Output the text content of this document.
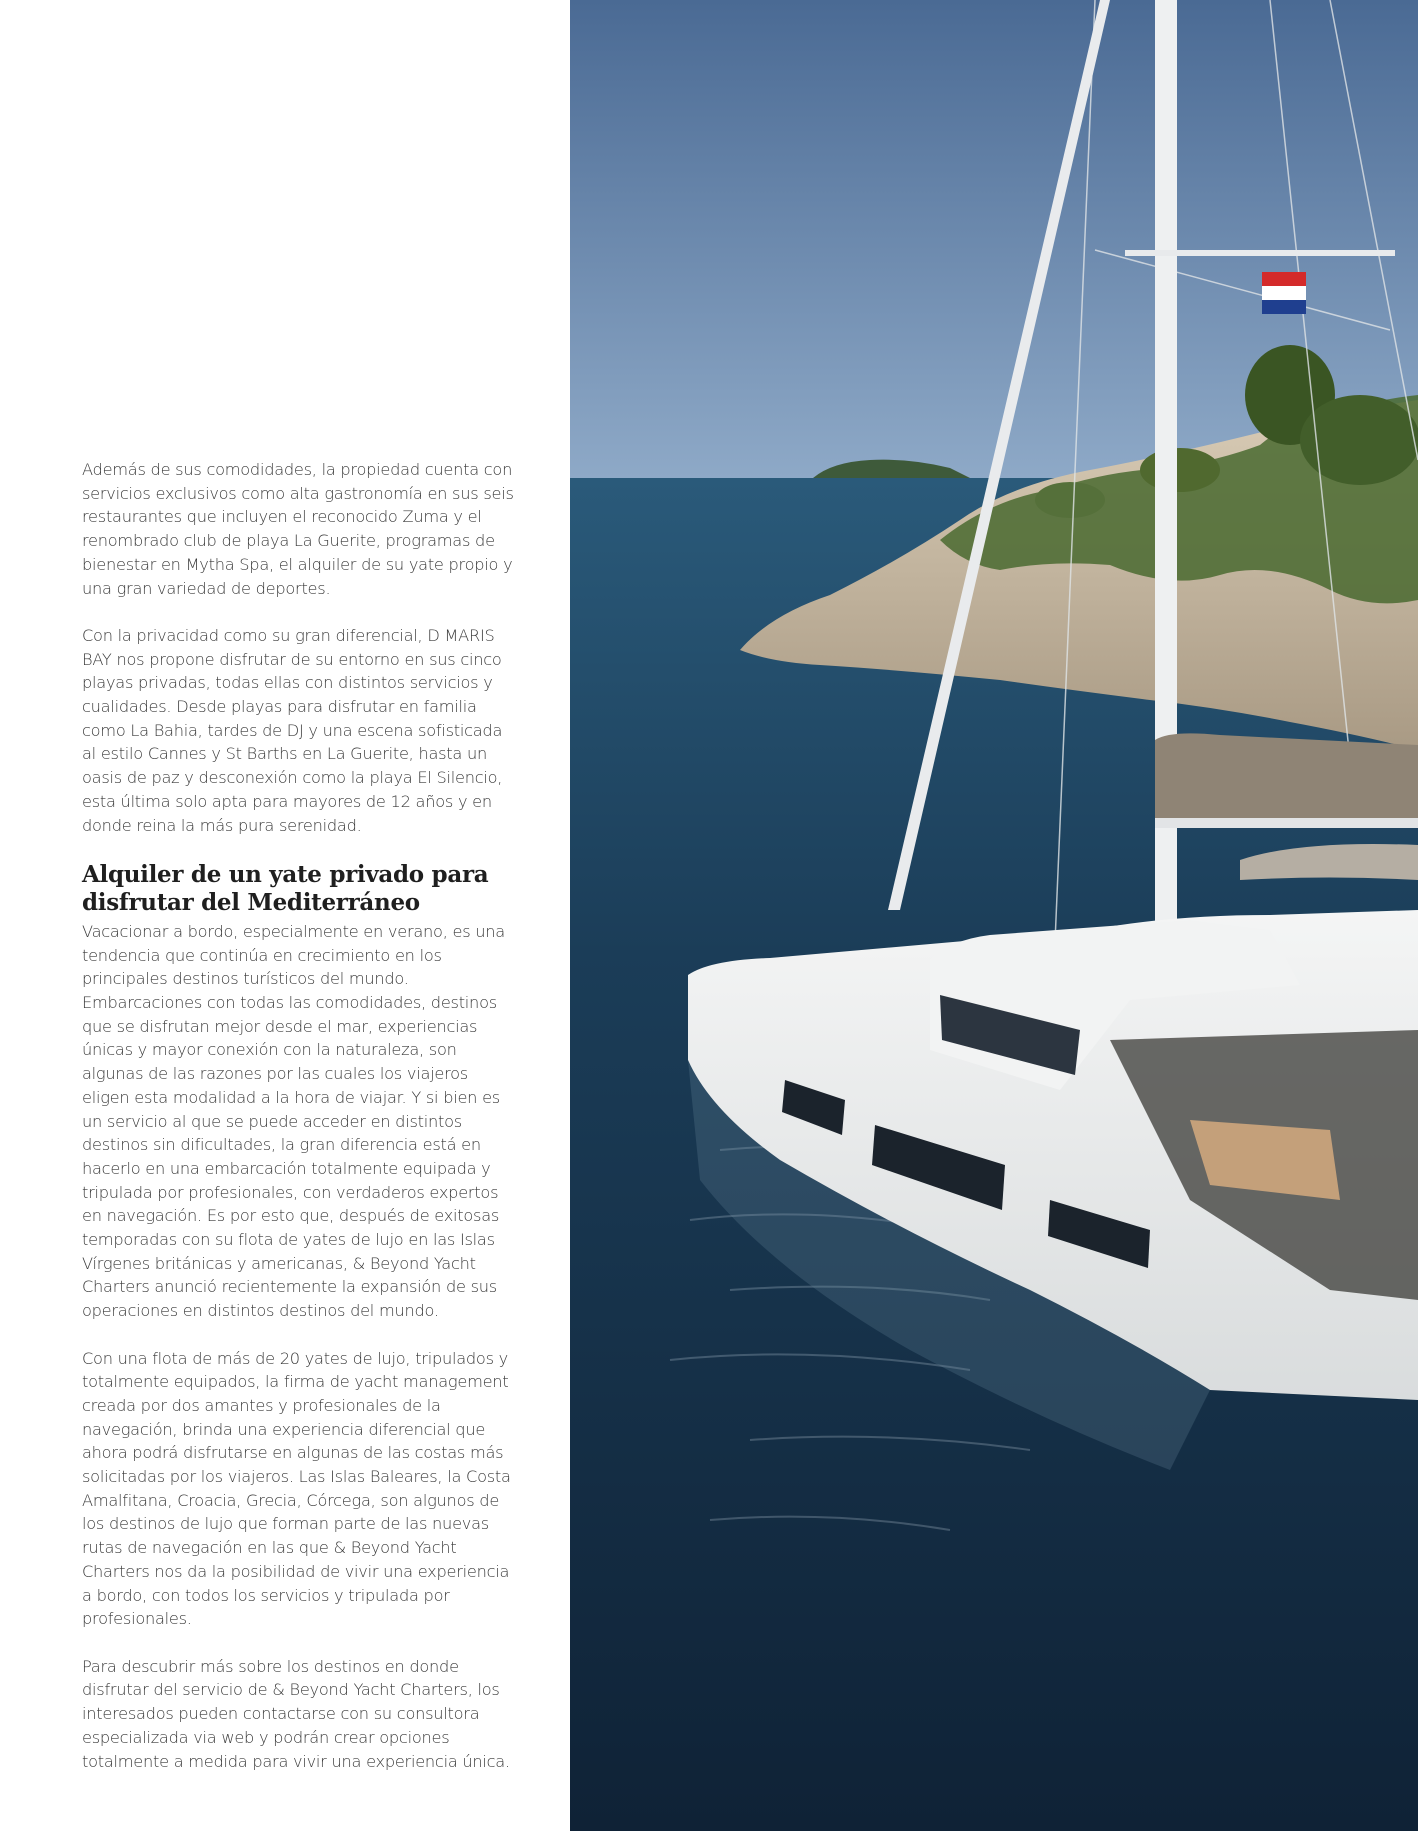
Además de sus comodidades, la propiedad cuenta con servicios exclusivos como alta gastronomía en sus seis restaurantes que incluyen el reconocido Zuma y el renombrado club de playa La Guerite, programas de bienestar en Mytha Spa, el alquiler de su yate propio y una gran variedad de deportes.

Con la privacidad como su gran diferencial, D MARIS BAY nos propone disfrutar de su entorno en sus cinco playas privadas, todas ellas con distintos servicios y cualidades. Desde playas para disfrutar en familia como La Bahia, tardes de DJ y una escena sofisticada al estilo Cannes y St Barths en La Guerite, hasta un oasis de paz y desconexión como la playa El Silencio, esta última solo apta para mayores de 12 años y en donde reina la más pura serenidad.

Alquiler de un yate privado para disfrutar del Mediterráneo

Vacacionar a bordo, especialmente en verano, es una tendencia que continúa en crecimiento en los principales destinos turísticos del mundo. Embarcaciones con todas las comodidades, destinos que se disfrutan mejor desde el mar, experiencias únicas y mayor conexión con la naturaleza, son algunas de las razones por las cuales los viajeros eligen esta modalidad a la hora de viajar. Y si bien es un servicio al que se puede acceder en distintos destinos sin dificultades, la gran diferencia está en hacerlo en una embarcación totalmente equipada y tripulada por profesionales, con verdaderos expertos en navegación. Es por esto que, después de exitosas temporadas con su flota de yates de lujo en las Islas Vírgenes británicas y americanas, & Beyond Yacht Charters anunció recientemente la expansión de sus operaciones en distintos destinos del mundo.

Con una flota de más de 20 yates de lujo, tripulados y totalmente equipados, la firma de yacht management creada por dos amantes y profesionales de la navegación, brinda una experiencia diferencial que ahora podrá disfrutarse en algunas de las costas más solicitadas por los viajeros. Las Islas Baleares, la Costa Amalfitana, Croacia, Grecia, Córcega, son algunos de los destinos de lujo que forman parte de las nuevas rutas de navegación en las que & Beyond Yacht Charters nos da la posibilidad de vivir una experiencia a bordo, con todos los servicios y tripulada por profesionales.

Para descubrir más sobre los destinos en donde disfrutar del servicio de & Beyond Yacht Charters, los interesados pueden contactarse con su consultora especializada via web y podrán crear opciones totalmente a medida para vivir una experiencia única.
